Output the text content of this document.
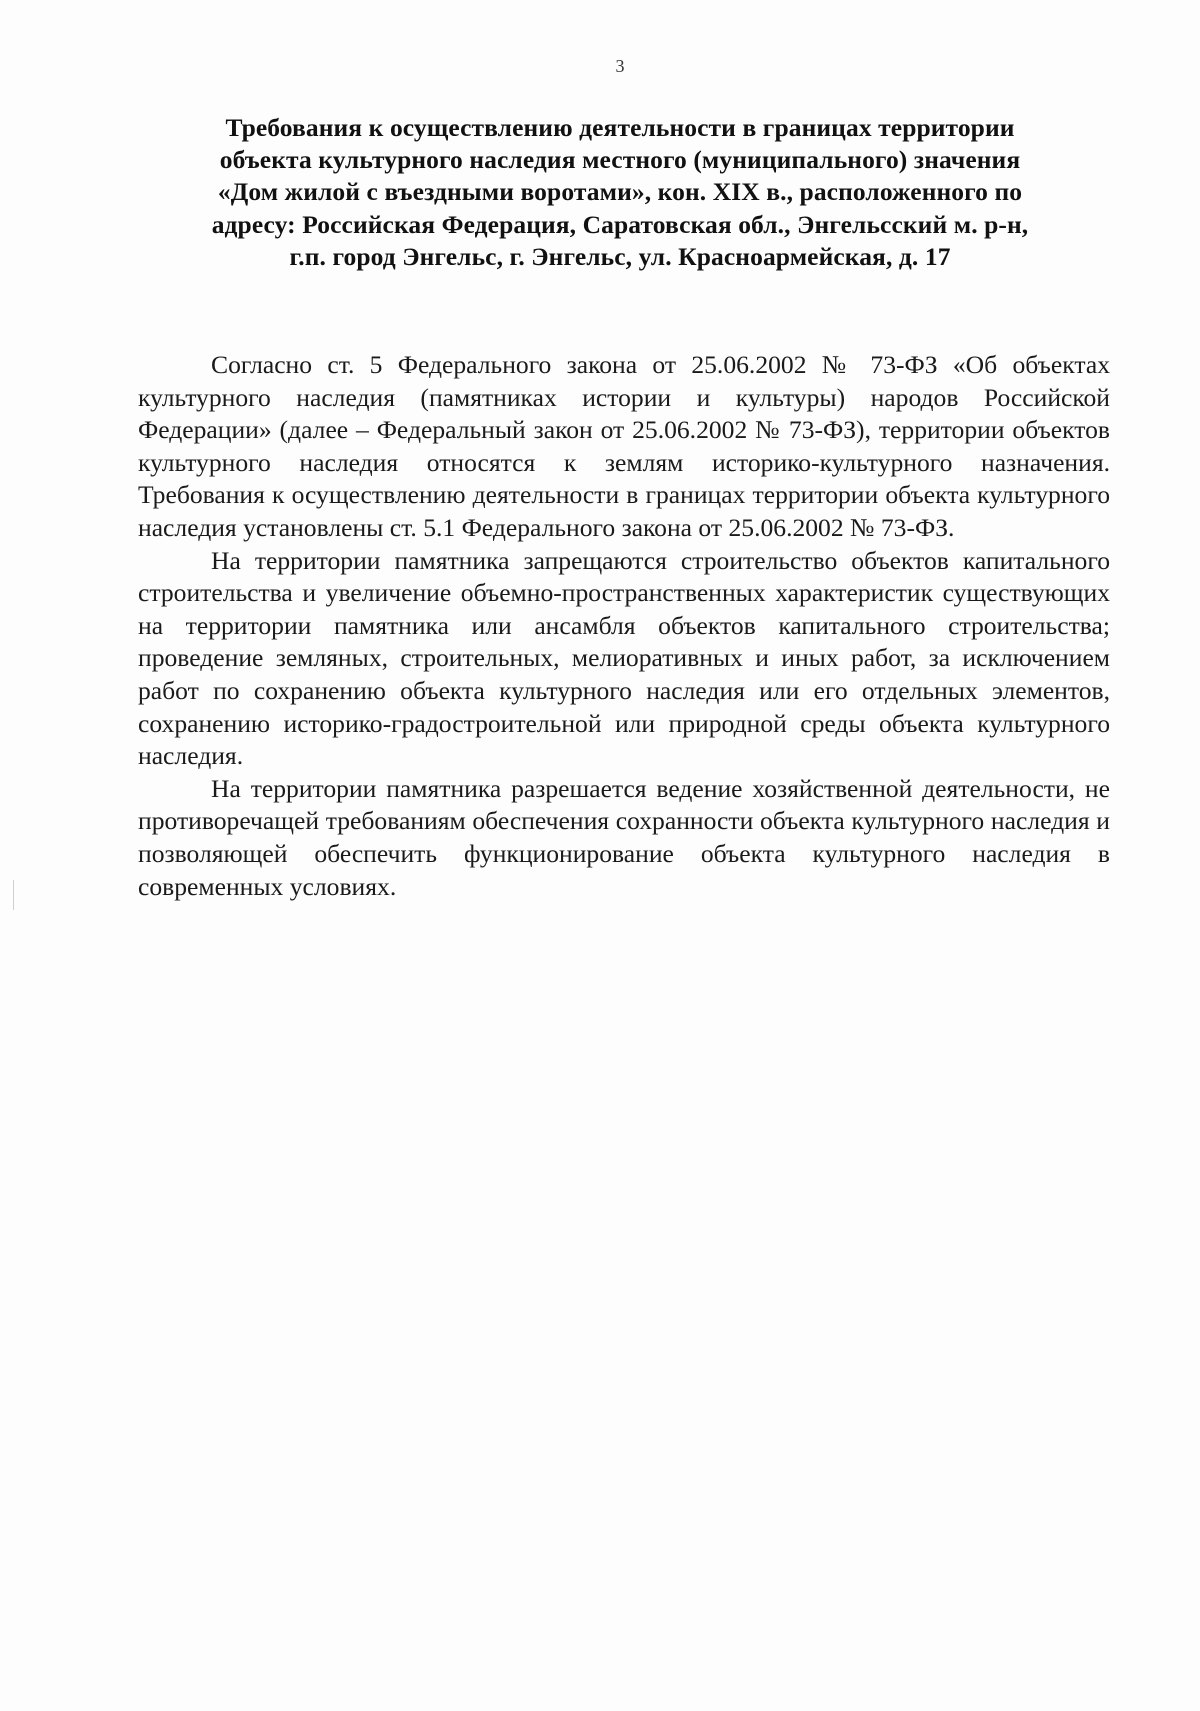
3
Требования к осуществлению деятельности в границах территории
объекта культурного наследия местного (муниципального) значения
«Дом жилой с въездными воротами», кон. XIX в., расположенного по
адресу: Российская Федерация, Саратовская обл., Энгельсский м. р-н,
г.п. город Энгельс, г. Энгельс, ул. Красноармейская, д. 17

Согласно ст. 5 Федерального закона от 25.06.2002 № 73-ФЗ «Об объектах культурного наследия (памятниках истории и культуры) народов Российской Федерации» (далее – Федеральный закон от 25.06.2002 № 73-ФЗ), территории объектов культурного наследия относятся к землям историко-культурного назначения. Требования к осуществлению деятельности в границах территории объекта культурного наследия установлены ст. 5.1 Федерального закона от 25.06.2002 № 73-ФЗ.

На территории памятника запрещаются строительство объектов капитального строительства и увеличение объемно-пространственных характеристик существующих на территории памятника или ансамбля объектов капитального строительства; проведение земляных, строительных, мелиоративных и иных работ, за исключением работ по сохранению объекта культурного наследия или его отдельных элементов, сохранению историко-градостроительной или природной среды объекта культурного наследия.

На территории памятника разрешается ведение хозяйственной деятельности, не противоречащей требованиям обеспечения сохранности объекта культурного наследия и позволяющей обеспечить функционирование объекта культурного наследия в современных условиях.
